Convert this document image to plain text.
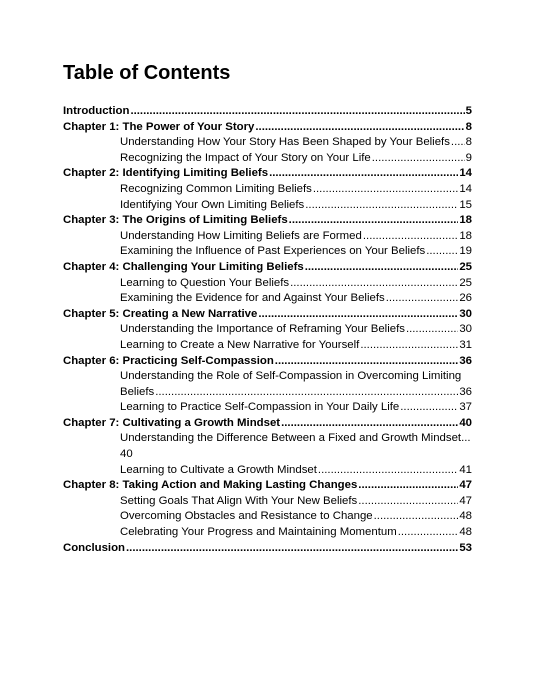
Table of Contents
Introduction .....	5
Chapter 1: The Power of Your Story .....	8
Understanding How Your Story Has Been Shaped by Your Beliefs ..... 8
Recognizing the Impact of Your Story on Your Life .....	9
Chapter 2: Identifying Limiting Beliefs .....	14
Recognizing Common Limiting Beliefs .....	14
Identifying Your Own Limiting Beliefs .....	15
Chapter 3: The Origins of Limiting Beliefs .....	18
Understanding How Limiting Beliefs are Formed .....	18
Examining the Influence of Past Experiences on Your Beliefs .....	19
Chapter 4: Challenging Your Limiting Beliefs .....	25
Learning to Question Your Beliefs .....	25
Examining the Evidence for and Against Your Beliefs .....	26
Chapter 5: Creating a New Narrative .....	30
Understanding the Importance of Reframing Your Beliefs .....	30
Learning to Create a New Narrative for Yourself .....	31
Chapter 6: Practicing Self-Compassion .....	36
Understanding the Role of Self-Compassion in Overcoming Limiting
Beliefs .....	36
Learning to Practice Self-Compassion in Your Daily Life .....	37
Chapter 7: Cultivating a Growth Mindset .....	40
Understanding the Difference Between a Fixed and Growth Mindset...
40
Learning to Cultivate a Growth Mindset .....	41
Chapter 8: Taking Action and Making Lasting Changes .....	47
Setting Goals That Align With Your New Beliefs .....	47
Overcoming Obstacles and Resistance to Change .....	48
Celebrating Your Progress and Maintaining Momentum .....	48
Conclusion .....	53
